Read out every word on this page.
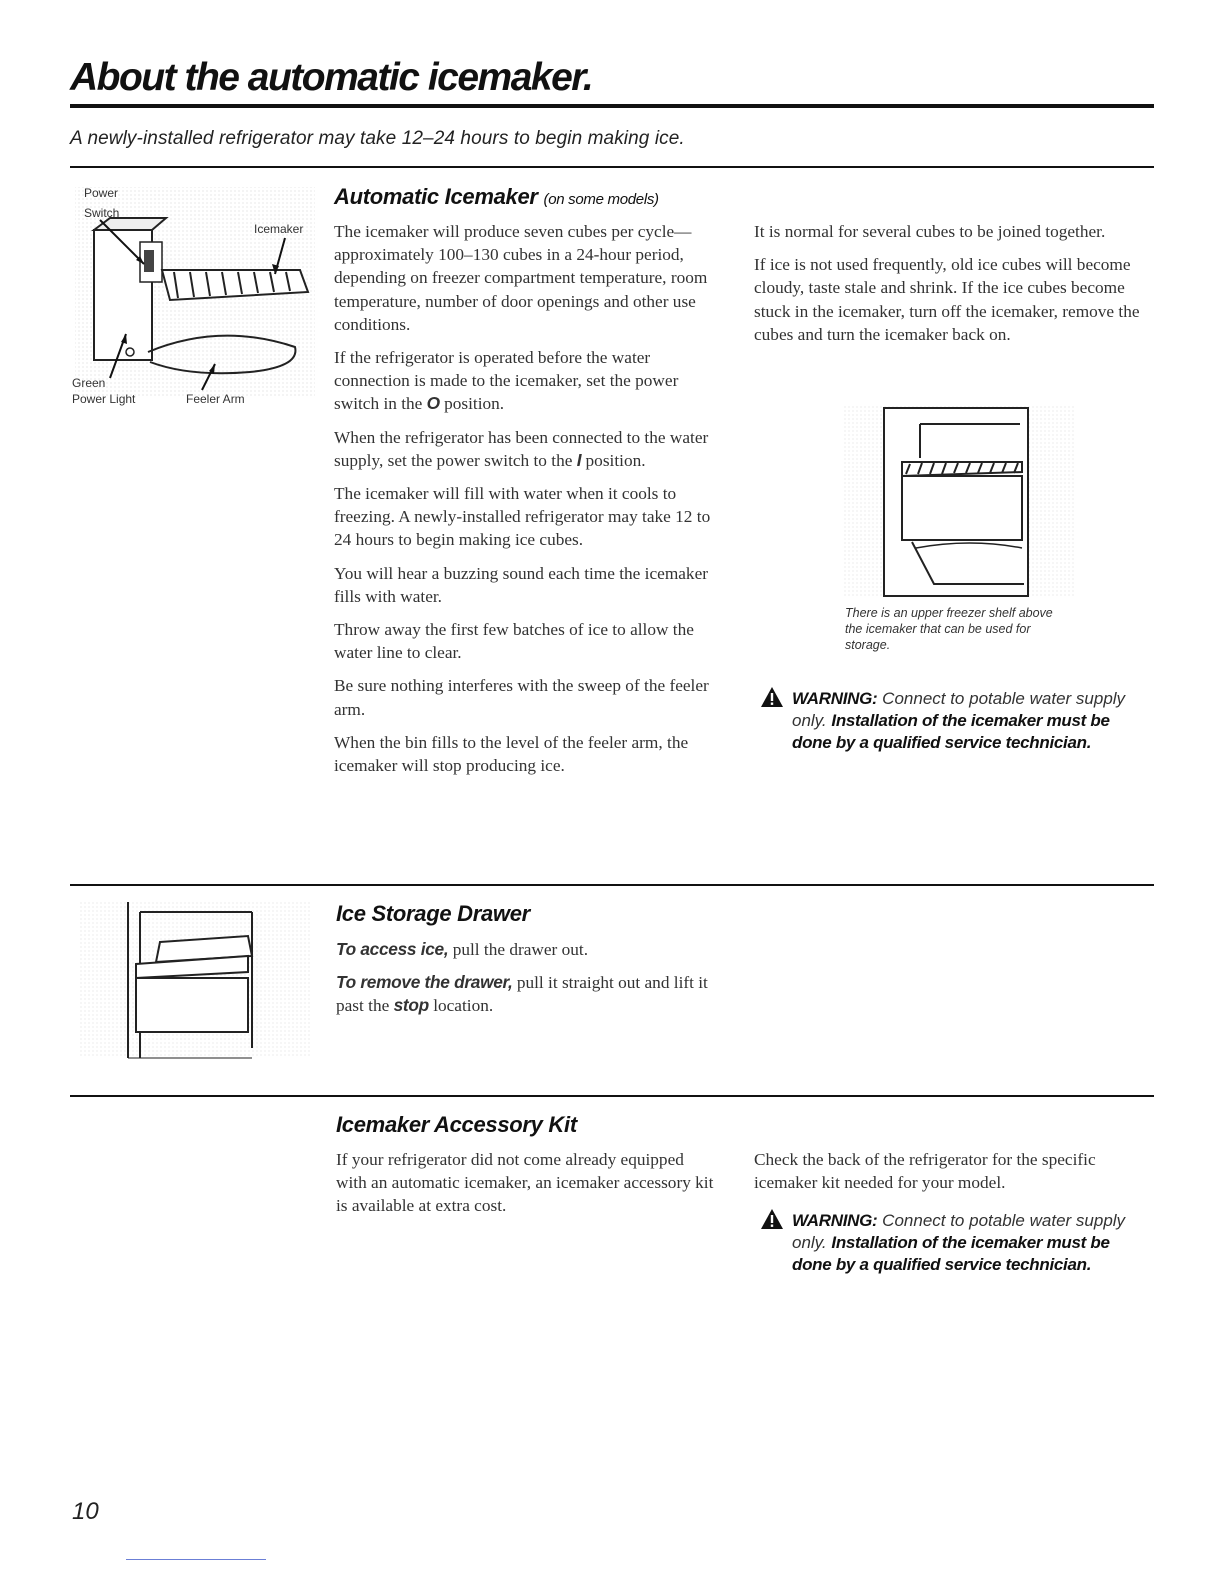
About the automatic icemaker.
A newly-installed refrigerator may take 12–24 hours to begin making ice.
Power
Switch
Icemaker
Green
Power Light	Feeler Arm
Automatic Icemaker (on some models)

The icemaker will produce seven cubes per cycle—approximately 100–130 cubes in a 24-hour period, depending on freezer compartment temperature, room temperature, number of door openings and other use conditions.

If the refrigerator is operated before the water connection is made to the icemaker, set the power switch in the O position.

When the refrigerator has been connected to the water supply, set the power switch to the I position.

The icemaker will fill with water when it cools to freezing. A newly-installed refrigerator may take 12 to 24 hours to begin making ice cubes.

You will hear a buzzing sound each time the icemaker fills with water.

Throw away the first few batches of ice to allow the water line to clear.

Be sure nothing interferes with the sweep of the feeler arm.

When the bin fills to the level of the feeler arm, the icemaker will stop producing ice.

It is normal for several cubes to be joined together.

If ice is not used frequently, old ice cubes will become cloudy, taste stale and shrink. If the ice cubes become stuck in the icemaker, turn off the icemaker, remove the cubes and turn the icemaker back on.

There is an upper freezer shelf above the icemaker that can be used for storage.
WARNING: Connect to potable water supply only. Installation of the icemaker must be done by a qualified service technician.
Ice Storage Drawer

To access ice, pull the drawer out.

To remove the drawer, pull it straight out and lift it past the stop location.

Icemaker Accessory Kit

If your refrigerator did not come already equipped with an automatic icemaker, an icemaker accessory kit is available at extra cost.

Check the back of the refrigerator for the specific icemaker kit needed for your model.

WARNING: Connect to potable water supply only. Installation of the icemaker must be done by a qualified service technician.
10
